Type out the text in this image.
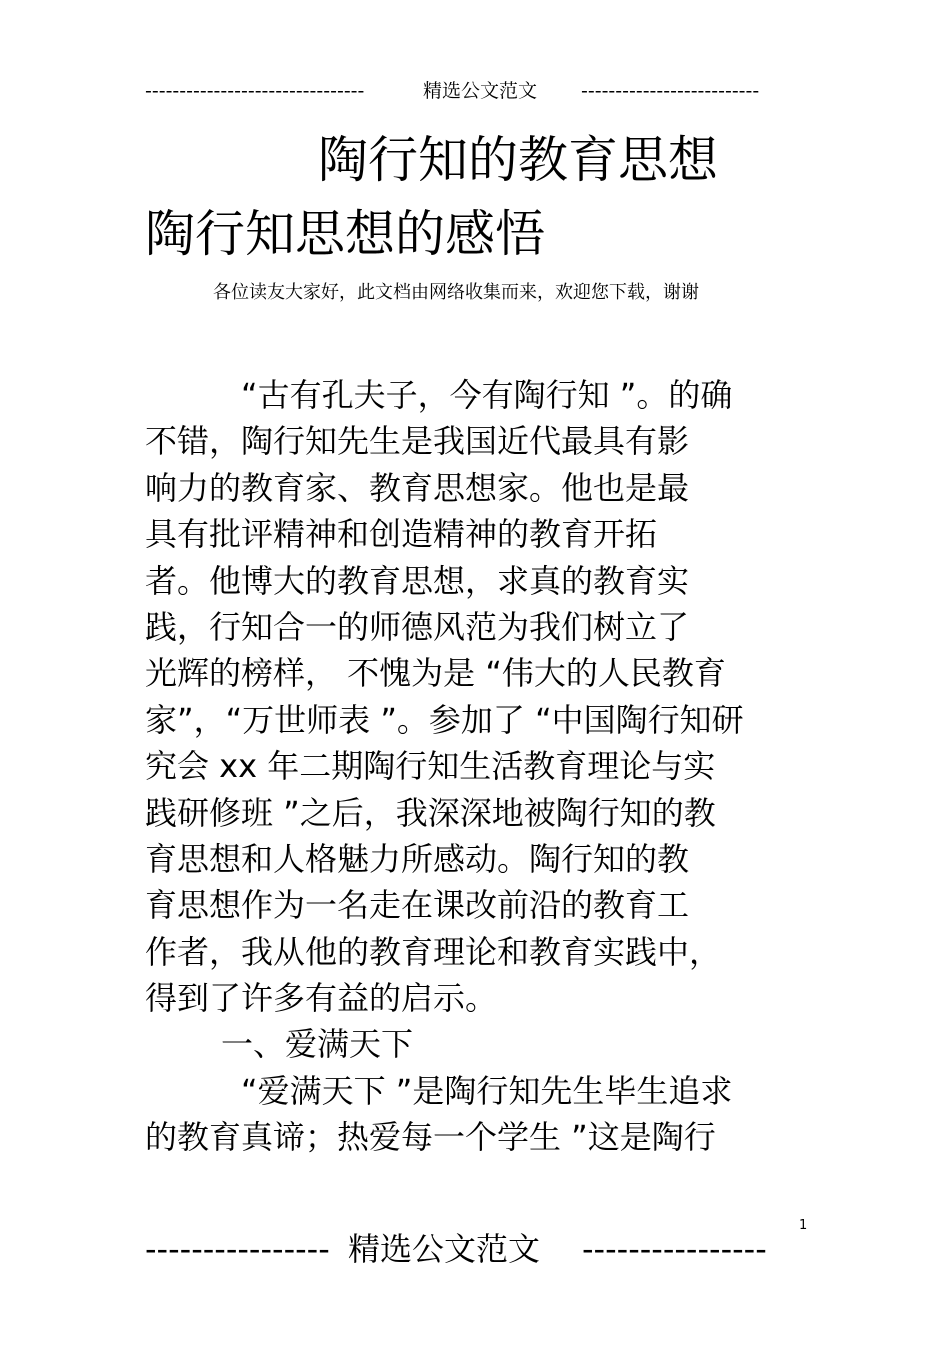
--------------------------------	精选公文范文 --------------------------
陶行知的教育思想
陶行知思想的感悟
各位读友大家好，此文档由网络收集而来，欢迎您下载，谢谢
“古有孔夫子，今有陶行知 ”。的确
不错，陶行知先生是我国近代最具有影
响力的教育家、教育思想家。他也是最
具有批评精神和创造精神的教育开拓
者。他博大的教育思想，求真的教育实
践，行知合一的师德风范为我们树立了
光辉的榜样， 不愧为是 “伟大的人民教育
家”，“万世师表 ”。参加了 “中国陶行知研
究会 xx 年二期陶行知生活教育理论与实
践研修班 ”之后，我深深地被陶行知的教
育思想和人格魅力所感动。陶行知的教
育思想作为一名走在课改前沿的教育工
作者，我从他的教育理论和教育实践中，
得到了许多有益的启示。
一、爱满天下
“爱满天下 ”是陶行知先生毕生追求
的教育真谛；热爱每一个学生 ”这是陶行
1
---------------- 精选公文范文 ----------------
